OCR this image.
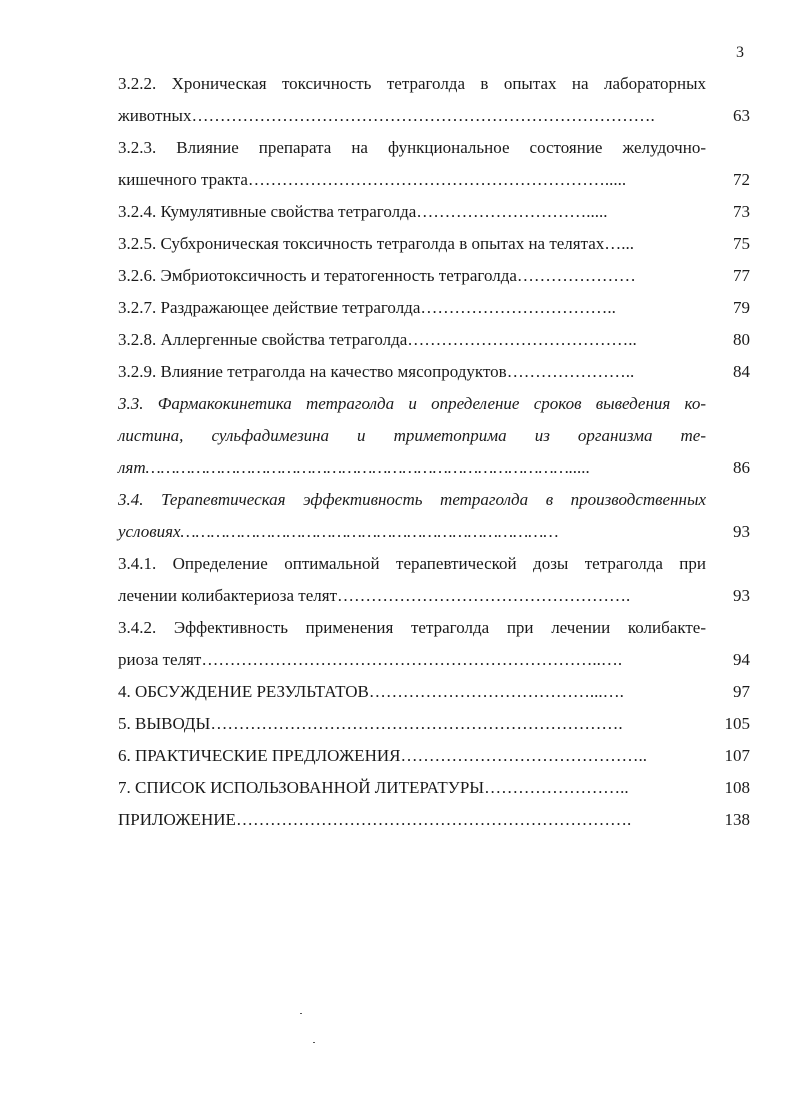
3
3.2.2. Хроническая токсичность тетраголда в опытах на лабораторных
животных……………………………………………………………………….	63
3.2.3. Влияние препарата на функциональное состояние желудочно-
кишечного тракта……………………………………………………….....	72
3.2.4. Кумулятивные свойства тетраголда………………………….....	73
3.2.5. Субхроническая токсичность тетраголда в опытах на телятах…...	75
3.2.6. Эмбриотоксичность и тератогенность тетраголда…………………	77
3.2.7. Раздражающее действие тетраголда……………………………..	79
3.2.8. Аллергенные свойства тетраголда…………………………………..	80
3.2.9. Влияние тетраголда на качество мясопродуктов…………………..	84
3.3. Фармакокинетика тетраголда и определение сроков выведения ко-
листина, сульфадимезина и триметоприма из организма те-
лят………………………………………………………………………….....	86
3.4. Терапевтическая эффективность тетраголда в производственных
условиях…………………………………………………………………	93
3.4.1. Определение оптимальной терапевтической дозы тетраголда при
лечении колибактериоза телят…………………………………………….	93
3.4.2. Эффективность применения тетраголда при лечении колибакте-
риоза телят……………………………………………………………..….	94
4. ОБСУЖДЕНИЕ РЕЗУЛЬТАТОВ…………………………………...….	97
5. ВЫВОДЫ……………………………………………………………….	105
6. ПРАКТИЧЕСКИЕ ПРЕДЛОЖЕНИЯ……………………………………..	107
7. СПИСОК ИСПОЛЬЗОВАННОЙ ЛИТЕРАТУРЫ……………………..	108
ПРИЛОЖЕНИЕ…………………………………………………………….	138
